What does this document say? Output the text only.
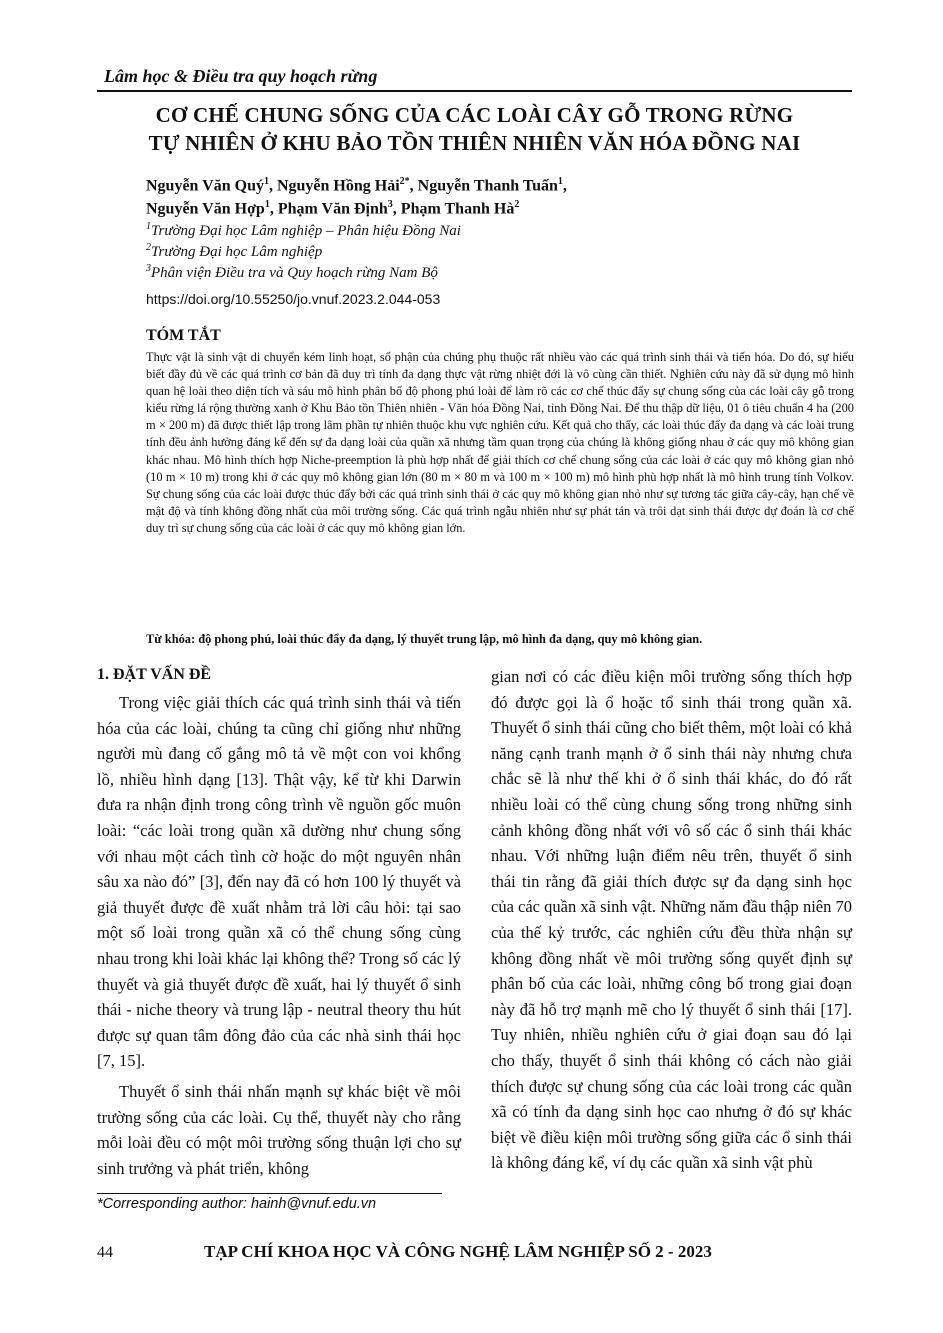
Lâm học & Điều tra quy hoạch rừng
CƠ CHẾ CHUNG SỐNG CỦA CÁC LOÀI CÂY GỖ TRONG RỪNG
TỰ NHIÊN Ở KHU BẢO TỒN THIÊN NHIÊN VĂN HÓA ĐỒNG NAI
Nguyễn Văn Quý$^1$, Nguyễn Hồng Hải$^{2*}$, Nguyễn Thanh Tuấn$^1$,
Nguyễn Văn Hợp$^1$, Phạm Văn Định$^3$, Phạm Thanh $Hà^2$
$^1$Trường Đại học Lâm nghiệp – Phân hiệu Đồng Nai
$^2$Trường Đại học Lâm nghiệp
$^3$Phân viện Điều tra và Quy hoạch rừng Nam Bộ
https://doi.org/10.55250/jo.vnuf.2023.2.044-053
TÓM TẮT
Thực vật là sinh vật di chuyển kém linh hoạt, số phận của chúng phụ thuộc rất nhiều vào các quá trình sinh thái và tiến hóa. Do đó, sự hiểu biết đầy đủ về các quá trình cơ bản đã duy trì tính đa dạng thực vật rừng nhiệt đới là vô cùng cần thiết. Nghiên cứu này đã sử dụng mô hình quan hệ loài theo diện tích và sáu mô hình phân bố độ phong phú loài để làm rõ các cơ chế thúc đẩy sự chung sống của các loài cây gỗ trong kiểu rừng lá rộng thường xanh ở Khu Bảo tồn Thiên nhiên - Văn hóa Đồng Nai, tỉnh Đồng Nai. Để thu thập dữ liệu, 01 ô tiêu chuẩn 4 ha (200 m × 200 m) đã được thiết lập trong lâm phần tự nhiên thuộc khu vực nghiên cứu. Kết quả cho thấy, các loài thúc đẩy đa dạng và các loài trung tính đều ảnh hưởng đáng kể đến sự đa dạng loài của quần xã nhưng tầm quan trọng của chúng là không giống nhau ở các quy mô không gian khác nhau. Mô hình thích hợp Niche-preemption là phù hợp nhất để giải thích cơ chế chung sống của các loài ở các quy mô không gian nhỏ (10 m × 10 m) trong khi ở các quy mô không gian lớn (80 m × 80 m và 100 m × 100 m) mô hình phù hợp nhất là mô hình trung tính Volkov. Sự chung sống của các loài được thúc đẩy bởi các quá trình sinh thái ở các quy mô không gian nhỏ như sự tương tác giữa cây-cây, hạn chế về mật độ và tính không đồng nhất của môi trường sống. Các quá trình ngẫu nhiên như sự phát tán và trôi dạt sinh thái được dự đoán là cơ chế duy trì sự chung sống của các loài ở các quy mô không gian lớn.
Từ khóa: độ phong phú, loài thúc đẩy đa dạng, lý thuyết trung lập, mô hình đa dạng, quy mô không gian.
1. ĐẶT VẤN ĐỀ

Trong việc giải thích các quá trình sinh thái và tiến hóa của các loài, chúng ta cũng chỉ giống như những người mù đang cố gắng mô tả về một con voi khổng lồ, nhiều hình dạng [13]. Thật vậy, kể từ khi Darwin đưa ra nhận định trong công trình về nguồn gốc muôn loài: “các loài trong quần xã dường như chung sống với nhau một cách tình cờ hoặc do một nguyên nhân sâu xa nào đó” [3], đến nay đã có hơn 100 lý thuyết và giả thuyết được đề xuất nhằm trả lời câu hỏi: tại sao một số loài trong quần xã có thể chung sống cùng nhau trong khi loài khác lại không thể? Trong số các lý thuyết và giả thuyết được đề xuất, hai lý thuyết ổ sinh thái - niche theory và trung lập - neutral theory thu hút được sự quan tâm đông đảo của các nhà sinh thái học [7, 15].

Thuyết ổ sinh thái nhấn mạnh sự khác biệt về môi trường sống của các loài. Cụ thể, thuyết này cho rằng mỗi loài đều có một môi trường sống thuận lợi cho sự sinh trưởng và phát triển, không

gian nơi có các điều kiện môi trường sống thích hợp đó được gọi là ổ hoặc tổ sinh thái trong quần xã. Thuyết ổ sinh thái cũng cho biết thêm, một loài có khả năng cạnh tranh mạnh ở ổ sinh thái này nhưng chưa chắc sẽ là như thế khi ở ổ sinh thái khác, do đó rất nhiều loài có thể cùng chung sống trong những sinh cảnh không đồng nhất với vô số các ổ sinh thái khác nhau. Với những luận điểm nêu trên, thuyết ổ sinh thái tin rằng đã giải thích được sự đa dạng sinh học của các quần xã sinh vật. Những năm đầu thập niên 70 của thế kỷ trước, các nghiên cứu đều thừa nhận sự không đồng nhất về môi trường sống quyết định sự phân bố của các loài, những công bố trong giai đoạn này đã hỗ trợ mạnh mẽ cho lý thuyết ổ sinh thái [17]. Tuy nhiên, nhiều nghiên cứu ở giai đoạn sau đó lại cho thấy, thuyết ổ sinh thái không có cách nào giải thích được sự chung sống của các loài trong các quần xã có tính đa dạng sinh học cao nhưng ở đó sự khác biệt về điều kiện môi trường sống giữa các ổ sinh thái là không đáng kể, ví dụ các quần xã sinh vật phù

*Corresponding author: hainh@vnuf.edu.vn
44	TẠP CHÍ KHOA HỌC VÀ CÔNG NGHỆ LÂM NGHIỆP SỐ 2 - 2023
